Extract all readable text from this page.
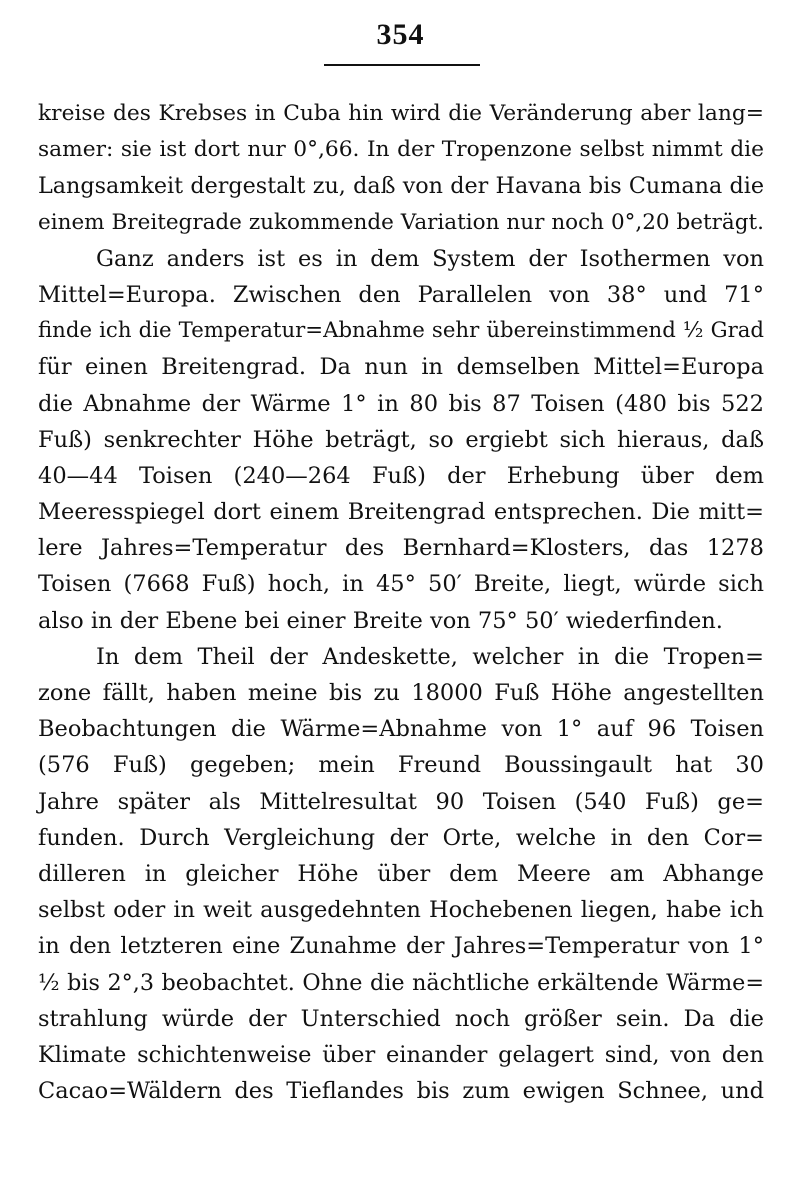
354
kreise des Krebses in Cuba hin wird die Veränderung aber lang=
samer: sie ist dort nur 0°,66. In der Tropenzone selbst nimmt die
Langsamkeit dergestalt zu, daß von der Havana bis Cumana die
einem Breitegrade zukommende Variation nur noch 0°,20 beträgt.
Ganz anders ist es in dem System der Isothermen von
Mittel=Europa. Zwischen den Parallelen von 38° und 71°
finde ich die Temperatur=Abnahme sehr übereinstimmend ½ Grad
für einen Breitengrad. Da nun in demselben Mittel=Europa
die Abnahme der Wärme 1° in 80 bis 87 Toisen (480 bis 522
Fuß) senkrechter Höhe beträgt, so ergiebt sich hieraus, daß
40—44 Toisen (240—264 Fuß) der Erhebung über dem
Meeresspiegel dort einem Breitengrad entsprechen. Die mitt=
lere Jahres=Temperatur des Bernhard=Klosters, das 1278
Toisen (7668 Fuß) hoch, in 45° 50′ Breite, liegt, würde sich
also in der Ebene bei einer Breite von 75° 50′ wiederfinden.
In dem Theil der Andeskette, welcher in die Tropen=
zone fällt, haben meine bis zu 18000 Fuß Höhe angestellten
Beobachtungen die Wärme=Abnahme von 1° auf 96 Toisen
(576 Fuß) gegeben; mein Freund Boussingault hat 30
Jahre später als Mittelresultat 90 Toisen (540 Fuß) ge=
funden. Durch Vergleichung der Orte, welche in den Cor=
dilleren in gleicher Höhe über dem Meere am Abhange
selbst oder in weit ausgedehnten Hochebenen liegen, habe ich
in den letzteren eine Zunahme der Jahres=Temperatur von 1°
½ bis 2°,3 beobachtet. Ohne die nächtliche erkältende Wärme=
strahlung würde der Unterschied noch größer sein. Da die
Klimate schichtenweise über einander gelagert sind, von den
Cacao=Wäldern des Tieflandes bis zum ewigen Schnee, und
